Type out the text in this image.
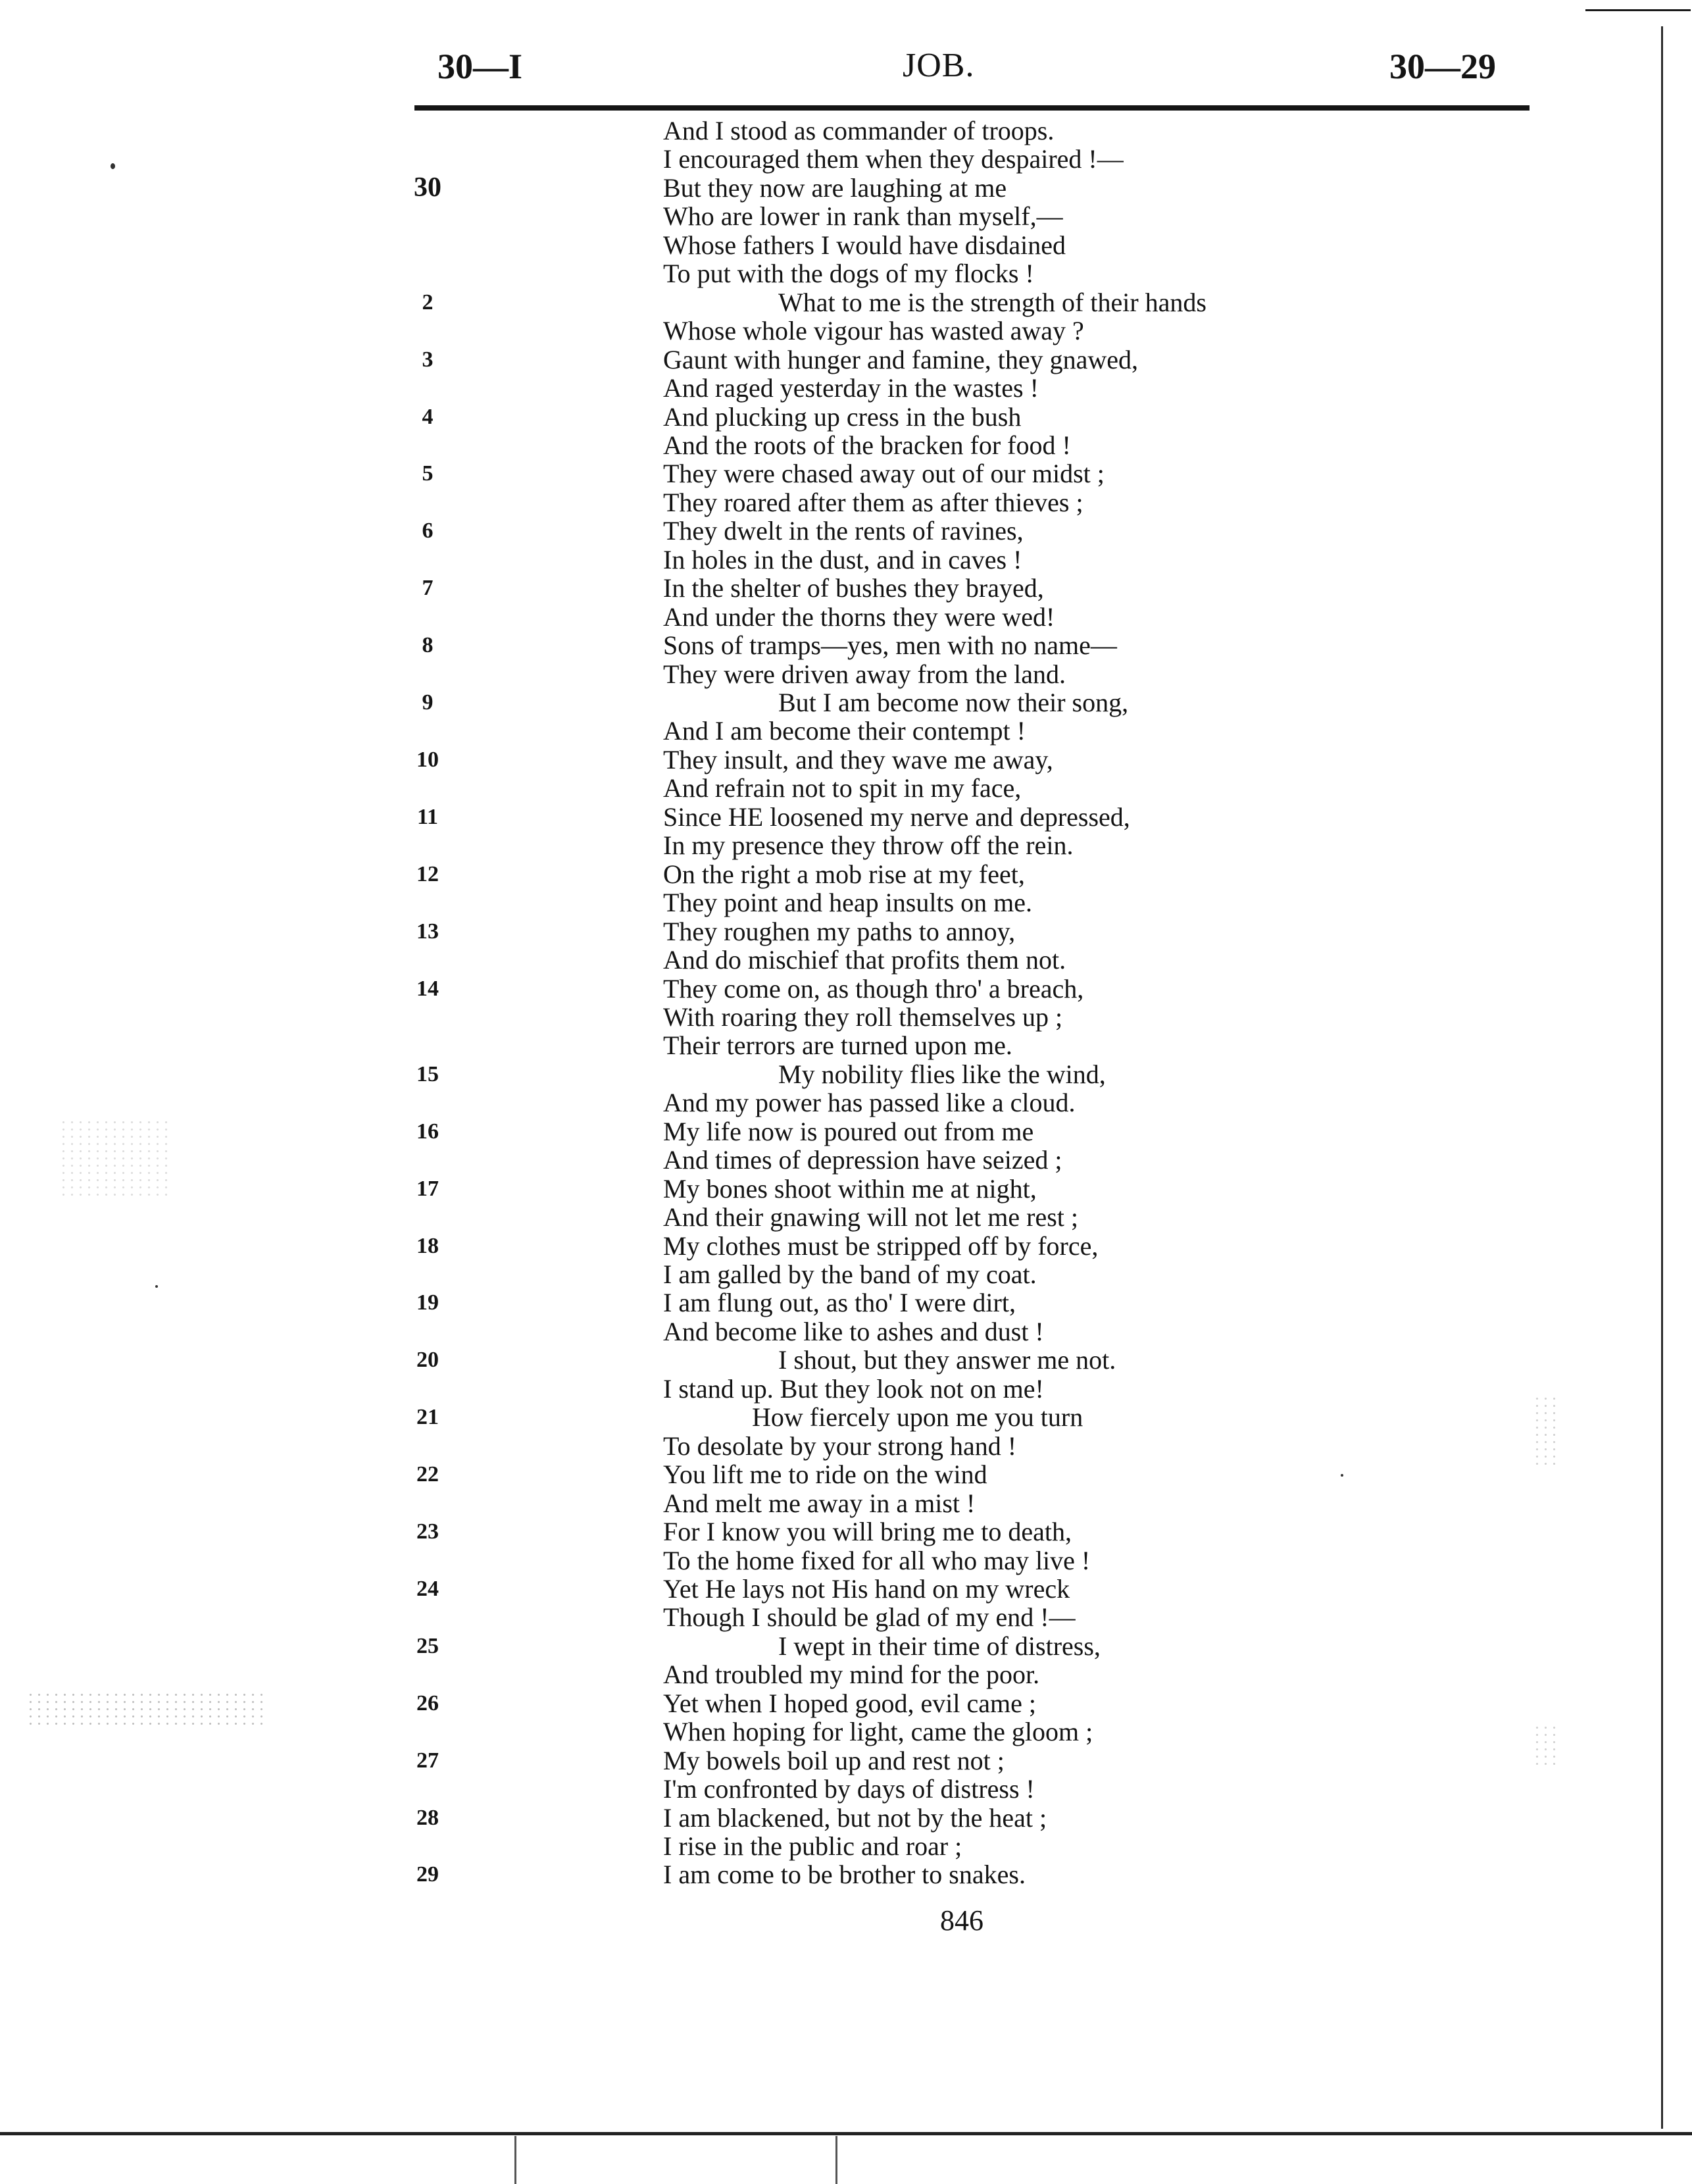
30—I	JOB.	30—29
And I stood as commander of troops.
I encouraged them when they despaired !—
30	But they now are laughing at me
Who are lower in rank than myself,—
Whose fathers I would have disdained
To put with the dogs of my flocks !
2	What to me is the strength of their hands
Whose whole vigour has wasted away ?
3	Gaunt with hunger and famine, they gnawed,
And raged yesterday in the wastes !
4	And plucking up cress in the bush
And the roots of the bracken for food !
5	They were chased away out of our midst ;
They roared after them as after thieves ;
6	They dwelt in the rents of ravines,
In holes in the dust, and in caves !
7	In the shelter of bushes they brayed,
And under the thorns they were wed!
8	Sons of tramps—yes, men with no name—
They were driven away from the land.
9	But I am become now their song,
And I am become their contempt !
10	They insult, and they wave me away,
And refrain not to spit in my face,
11	Since HE loosened my nerve and depressed,
In my presence they throw off the rein.
12	On the right a mob rise at my feet,
They point and heap insults on me.
13	They roughen my paths to annoy,
And do mischief that profits them not.
14	They come on, as though thro' a breach,
With roaring they roll themselves up ;
Their terrors are turned upon me.
15	My nobility flies like the wind,
And my power has passed like a cloud.
16	My life now is poured out from me
And times of depression have seized ;
17	My bones shoot within me at night,
And their gnawing will not let me rest ;
18	My clothes must be stripped off by force,
I am galled by the band of my coat.
19	I am flung out, as tho' I were dirt,
And become like to ashes and dust !
20	I shout, but they answer me not.
I stand up. But they look not on me!
21	How fiercely upon me you turn
To desolate by your strong hand !
22	You lift me to ride on the wind
And melt me away in a mist !
23	For I know you will bring me to death,
To the home fixed for all who may live !
24	Yet He lays not His hand on my wreck
Though I should be glad of my end !—
25	I wept in their time of distress,
And troubled my mind for the poor.
26	Yet when I hoped good, evil came ;
When hoping for light, came the gloom ;
27	My bowels boil up and rest not ;
I'm confronted by days of distress !
28	I am blackened, but not by the heat ;
I rise in the public and roar ;
29	I am come to be brother to snakes.
846
